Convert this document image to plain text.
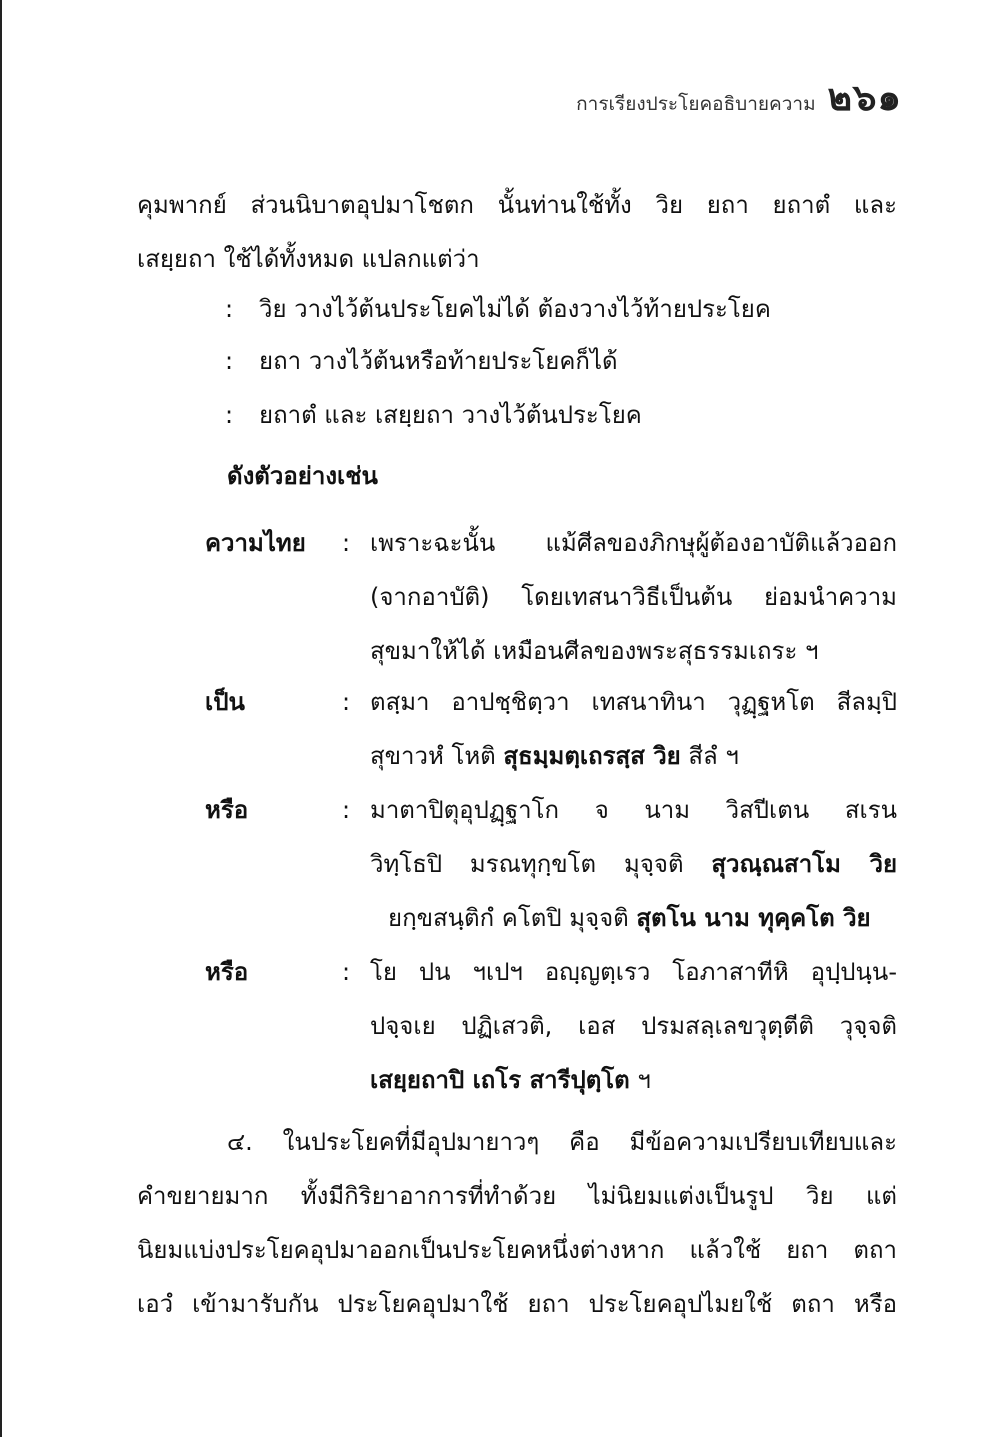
การเรียงประโยคอธิบายความ ๒๖๑
คุมพากย์ ส่วนนิบาตอุปมาโชตก นั้นท่านใช้ทั้ง วิย ยถา ยถาตํ และ
เสยฺยถา ใช้ได้ทั้งหมด แปลกแต่ว่า
: วิย วางไว้ต้นประโยคไม่ได้ ต้องวางไว้ท้ายประโยค
: ยถา วางไว้ต้นหรือท้ายประโยคก็ได้
: ยถาตํ และ เสยฺยถา วางไว้ต้นประโยค
ดังตัวอย่างเช่น
ความไทย : เพราะฉะนั้น แม้ศีลของภิกษุผู้ต้องอาบัติแล้วออก
(จากอาบัติ) โดยเทสนาวิธีเป็นต้น ย่อมนำความ
สุขมาให้ได้ เหมือนศีลของพระสุธรรมเถระ ฯ
เป็น	: ตสฺมา อาปชฺชิตฺวา เทสนาทินา วุฏฺฐหโต สีลมฺปิ
สุขาวหํ โหติ สุธมฺมตฺเถรสฺส วิย สีลํ ฯ
หรือ	: มาตาปิตุอุปฏฺฐาโก จ นาม วิสปีเตน สเรน
วิทฺโธปิ มรณทุกฺขโต มุจฺจติ สุวณฺณสาโม วิย
ยกฺขสนฺติกํ คโตปิ มุจฺจติ สุตโน นาม ทุคฺคโต วิย
หรือ	: โย ปน ฯเปฯ อญฺญตฺเรว โอภาสาทีหิ อุปฺปนฺน-
ปจฺจเย ปฏิเสวติ, เอส ปรมสลฺเลขวุตฺตีติ วุจฺจติ
เสยฺยถาปิ เถโร สารีปุตฺโต ฯ
๔. ในประโยคที่มีอุปมายาวๆ คือ มีข้อความเปรียบเทียบและ
คำขยายมาก ทั้งมีกิริยาอาการที่ทำด้วย ไม่นิยมแต่งเป็นรูป วิย แต่
นิยมแบ่งประโยคอุปมาออกเป็นประโยคหนึ่งต่างหาก แล้วใช้ ยถา ตถา
เอวํ เข้ามารับกัน ประโยคอุปมาใช้ ยถา ประโยคอุปไมยใช้ ตถา หรือ
